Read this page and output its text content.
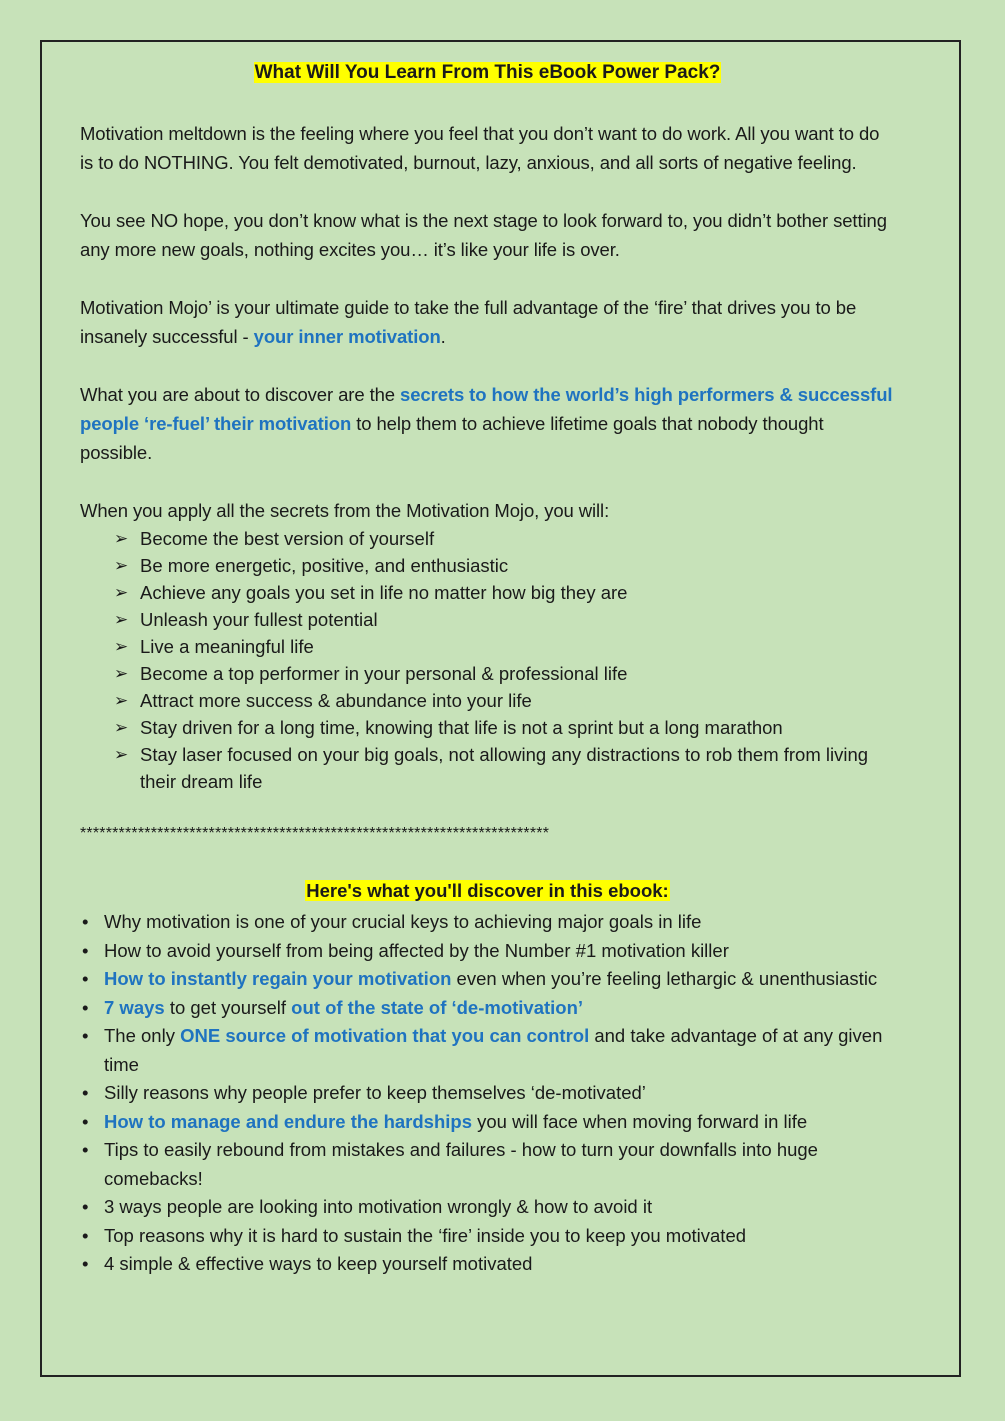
What Will You Learn From This eBook Power Pack?

Motivation meltdown is the feeling where you feel that you don’t want to do work. All you want to do is to do NOTHING. You felt demotivated, burnout, lazy, anxious, and all sorts of negative feeling.

You see NO hope, you don’t know what is the next stage to look forward to, you didn’t bother setting any more new goals, nothing excites you… it’s like your life is over.

Motivation Mojo’ is your ultimate guide to take the full advantage of the ‘fire’ that drives you to be insanely successful - your inner motivation.

What you are about to discover are the secrets to how the world’s high performers & successful people ‘re-fuel’ their motivation to help them to achieve lifetime goals that nobody thought possible.

When you apply all the secrets from the Motivation Mojo, you will:

➢ Become the best version of yourself
➢ Be more energetic, positive, and enthusiastic
➢ Achieve any goals you set in life no matter how big they are
➢ Unleash your fullest potential
➢ Live a meaningful life
➢ Become a top performer in your personal & professional life
➢ Attract more success & abundance into your life
➢ Stay driven for a long time, knowing that life is not a sprint but a long marathon
➢ Stay laser focused on your big goals, not allowing any distractions to rob them from living their dream life
*************************************************************************
Here's what you'll discover in this ebook:
• Why motivation is one of your crucial keys to achieving major goals in life
• How to avoid yourself from being affected by the Number #1 motivation killer
• How to instantly regain your motivation even when you’re feeling lethargic & unenthusiastic
• 7 ways to get yourself out of the state of ‘de-motivation’
• The only ONE source of motivation that you can control and take advantage of at any given time
• Silly reasons why people prefer to keep themselves ‘de-motivated’
• How to manage and endure the hardships you will face when moving forward in life
• Tips to easily rebound from mistakes and failures - how to turn your downfalls into huge comebacks!
• 3 ways people are looking into motivation wrongly & how to avoid it
• Top reasons why it is hard to sustain the ‘fire’ inside you to keep you motivated
• 4 simple & effective ways to keep yourself motivated
